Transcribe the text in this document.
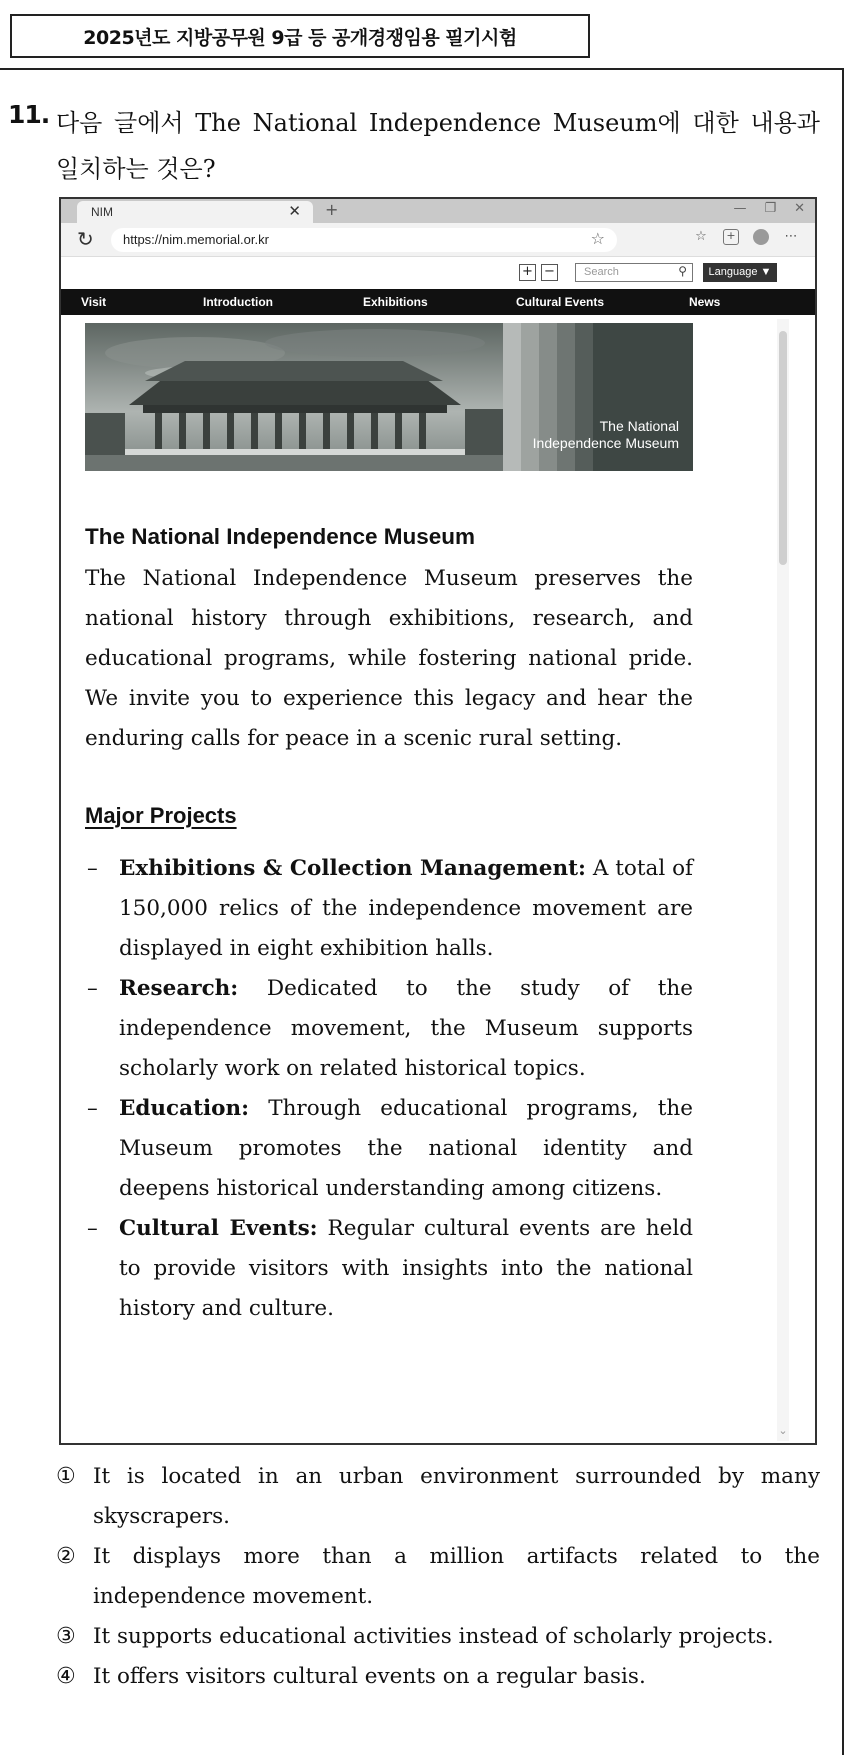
2025년도 지방공무원 9급 등 공개경쟁임용 필기시험
11. 다음 글에서 The National Independence Museum에 대한 내용과
일치하는 것은?
NIM	✕ +	— ❐ ✕
↻	https://nim.memorial.or.kr	☆	☆	+	⋯
+ −	Search	⚲	Language ▼
Visit	Introduction	Exhibitions	Cultural Events	News
The National
Independence Museum
⌄
The National Independence Museum
The National Independence Museum preserves the national history through exhibitions, research, and educational programs, while fostering national pride. We invite you to experience this legacy and hear the enduring calls for peace in a scenic rural setting.
Major Projects
– Exhibitions & Collection Management: A total of 150,000 relics of the independence movement are displayed in eight exhibition halls.
– Research: Dedicated to the study of the independence movement, the Museum supports scholarly work on related historical topics.
– Education: Through educational programs, the Museum promotes the national identity and deepens historical understanding among citizens.
– Cultural Events: Regular cultural events are held to provide visitors with insights into the national history and culture.
① It is located in an urban environment surrounded by many skyscrapers.
② It displays more than a million artifacts related to the independence movement.
③ It supports educational activities instead of scholarly projects.
④ It offers visitors cultural events on a regular basis.
